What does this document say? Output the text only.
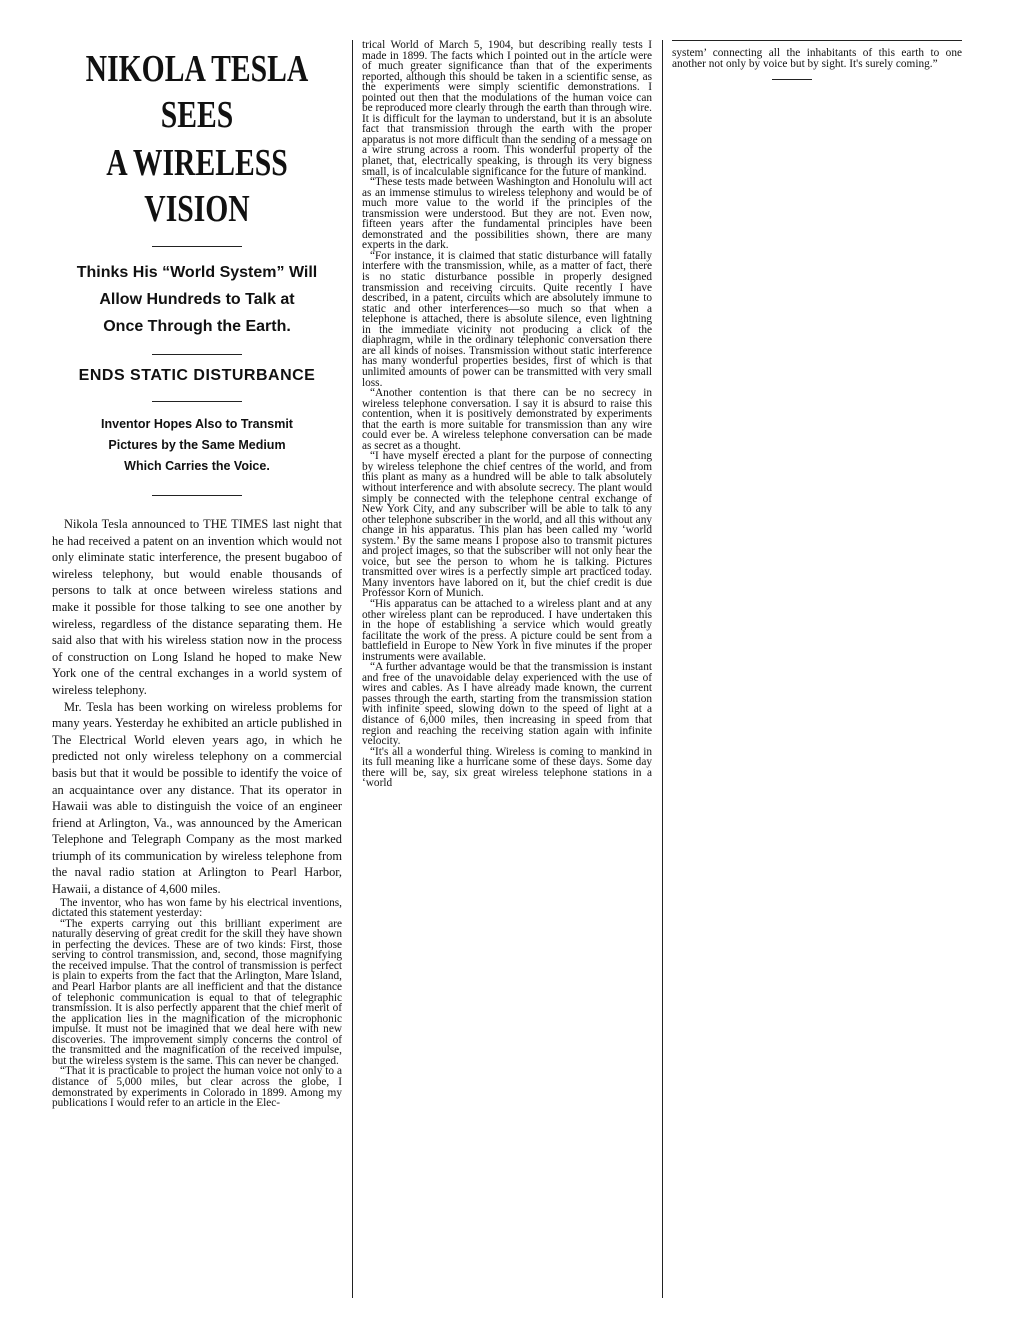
NIKOLA TESLA SEES
A WIRELESS VISION

Thinks His “World System” Will

Allow Hundreds to Talk at

Once Through the Earth.

ENDS STATIC DISTURBANCE

Inventor Hopes Also to Transmit

Pictures by the Same Medium

Which Carries the Voice.

Nikola Tesla announced to THE TIMES last night that he had received a patent on an invention which would not only eliminate static interference, the present bugaboo of wireless telephony, but would enable thousands of persons to talk at once between wireless stations and make it possible for those talking to see one another by wireless, regardless of the distance separating them. He said also that with his wireless station now in the process of construction on Long Island he hoped to make New York one of the central exchanges in a world system of wireless telephony.

Mr. Tesla has been working on wireless problems for many years. Yesterday he exhibited an article published in The Electrical World eleven years ago, in which he predicted not only wireless telephony on a commercial basis but that it would be possible to identify the voice of an acquaintance over any distance. That its operator in Hawaii was able to distinguish the voice of an engineer friend at Arlington, Va., was announced by the American Telephone and Telegraph Company as the most marked triumph of its communication by wireless telephone from the naval radio station at Arlington to Pearl Harbor, Hawaii, a distance of 4,600 miles.

The inventor, who has won fame by his electrical inventions, dictated this statement yesterday:

“The experts carrying out this brilliant experiment are naturally deserving of great credit for the skill they have shown in perfecting the devices. These are of two kinds: First, those serving to control transmission, and, second, those magnifying the received impulse. That the control of transmission is perfect is plain to experts from the fact that the Arlington, Mare Island, and Pearl Harbor plants are all inefficient and that the distance of telephonic communication is equal to that of telegraphic transmission. It is also perfectly apparent that the chief merit of the application lies in the magnification of the microphonic impulse. It must not be imagined that we deal here with new discoveries. The improvement simply concerns the control of the transmitted and the magnification of the received impulse, but the wireless system is the same. This can never be changed.

“That it is practicable to project the human voice not only to a distance of 5,000 miles, but clear across the globe, I demonstrated by experiments in Colorado in 1899. Among my publications I would refer to an article in the Elec-

trical World of March 5, 1904, but describing really tests I made in 1899. The facts which I pointed out in the article were of much greater significance than that of the experiments reported, although this should be taken in a scientific sense, as the experiments were simply scientific demonstrations. I pointed out then that the modulations of the human voice can be reproduced more clearly through the earth than through wire. It is difficult for the layman to understand, but it is an absolute fact that transmission through the earth with the proper apparatus is not more difficult than the sending of a message on a wire strung across a room. This wonderful property of the planet, that, electrically speaking, is through its very bigness small, is of incalculable significance for the future of mankind.

“These tests made between Washington and Honolulu will act as an immense stimulus to wireless telephony and would be of much more value to the world if the principles of the transmission were understood. But they are not. Even now, fifteen years after the fundamental principles have been demonstrated and the possibilities shown, there are many experts in the dark.

“For instance, it is claimed that static disturbance will fatally interfere with the transmission, while, as a matter of fact, there is no static disturbance possible in properly designed transmission and receiving circuits. Quite recently I have described, in a patent, circuits which are absolutely immune to static and other interferences—so much so that when a telephone is attached, there is absolute silence, even lightning in the immediate vicinity not producing a click of the diaphragm, while in the ordinary telephonic conversation there are all kinds of noises. Transmission without static interference has many wonderful properties besides, first of which is that unlimited amounts of power can be transmitted with very small loss.

“Another contention is that there can be no secrecy in wireless telephone conversation. I say it is absurd to raise this contention, when it is positively demonstrated by experiments that the earth is more suitable for transmission than any wire could ever be. A wireless telephone conversation can be made as secret as a thought.

“I have myself erected a plant for the purpose of connecting by wireless telephone the chief centres of the world, and from this plant as many as a hundred will be able to talk absolutely without interference and with absolute secrecy. The plant would simply be connected with the telephone central exchange of New York City, and any subscriber will be able to talk to any other telephone subscriber in the world, and all this without any change in his apparatus. This plan has been called my ‘world system.’ By the same means I propose also to transmit pictures and project images, so that the subscriber will not only hear the voice, but see the person to whom he is talking. Pictures transmitted over wires is a perfectly simple art practiced today. Many inventors have labored on it, but the chief credit is due Professor Korn of Munich.

“His apparatus can be attached to a wireless plant and at any other wireless plant can be reproduced. I have undertaken this in the hope of establishing a service which would greatly facilitate the work of the press. A picture could be sent from a battlefield in Europe to New York in five minutes if the proper instruments were available.

“A further advantage would be that the transmission is instant and free of the unavoidable delay experienced with the use of wires and cables. As I have already made known, the current passes through the earth, starting from the transmission station with infinite speed, slowing down to the speed of light at a distance of 6,000 miles, then increasing in speed from that region and reaching the receiving station again with infinite velocity.

“It's all a wonderful thing. Wireless is coming to mankind in its full meaning like a hurricane some of these days. Some day there will be, say, six great wireless telephone stations in a ‘world

system’ connecting all the inhabitants of this earth to one another not only by voice but by sight. It's surely coming.”
